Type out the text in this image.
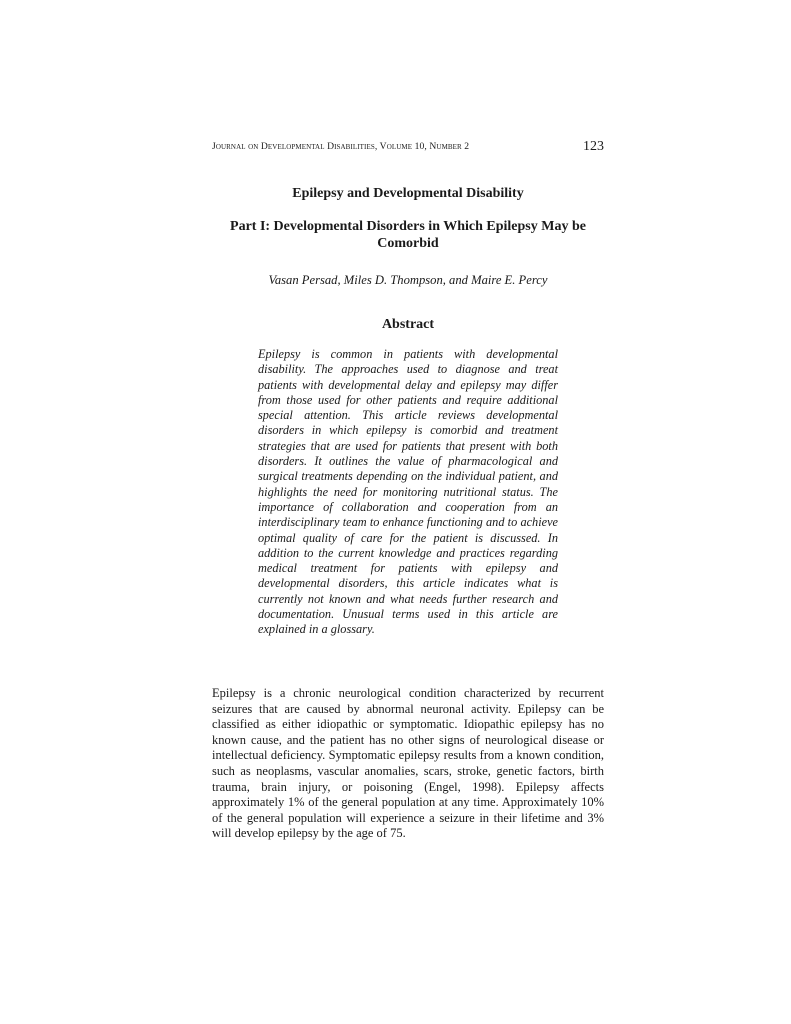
Journal on Developmental Disabilities, Volume 10, Number 2	123
Epilepsy and Developmental Disability
Part I: Developmental Disorders in Which Epilepsy May be Comorbid
Vasan Persad, Miles D. Thompson, and Maire E. Percy
Abstract

Epilepsy is common in patients with developmental disability. The approaches used to diagnose and treat patients with developmental delay and epilepsy may differ from those used for other patients and require additional special attention. This article reviews developmental disorders in which epilepsy is comorbid and treatment strategies that are used for patients that present with both disorders. It outlines the value of pharmacological and surgical treatments depending on the individual patient, and highlights the need for monitoring nutritional status. The importance of collaboration and cooperation from an interdisciplinary team to enhance functioning and to achieve optimal quality of care for the patient is discussed. In addition to the current knowledge and practices regarding medical treatment for patients with epilepsy and developmental disorders, this article indicates what is currently not known and what needs further research and documentation. Unusual terms used in this article are explained in a glossary.

Epilepsy is a chronic neurological condition characterized by recurrent seizures that are caused by abnormal neuronal activity. Epilepsy can be classified as either idiopathic or symptomatic. Idiopathic epilepsy has no known cause, and the patient has no other signs of neurological disease or intellectual deficiency. Symptomatic epilepsy results from a known condition, such as neoplasms, vascular anomalies, scars, stroke, genetic factors, birth trauma, brain injury, or poisoning (Engel, 1998). Epilepsy affects approximately 1% of the general population at any time. Approximately 10% of the general population will experience a seizure in their lifetime and 3% will develop epilepsy by the age of 75.
